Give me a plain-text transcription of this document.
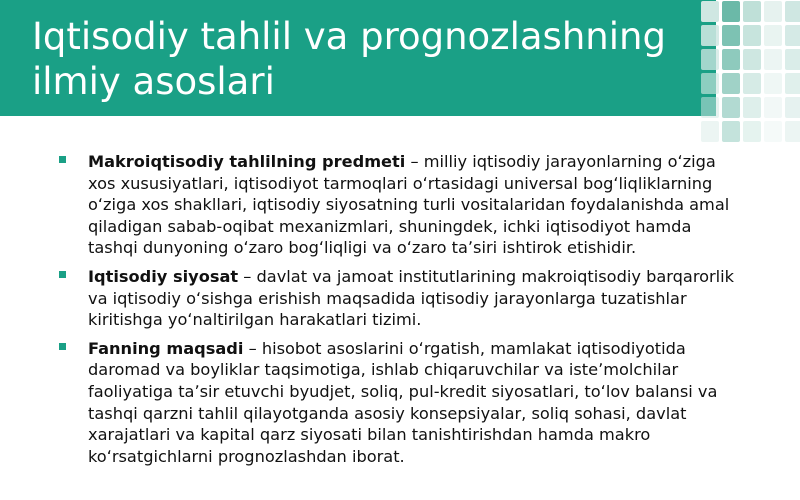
Iqtisodiy tahlil va prognozlashning ilmiy asoslari
Makroiqtisodiy tahlilning predmeti – milliy iqtisodiy jarayonlarning oʻziga xos xususiyatlari, iqtisodiyot tarmoqlari oʻrtasidagi universal bogʻliqliklarning oʻziga xos shakllari, iqtisodiy siyosatning turli vositalaridan foydalanishda amal qiladigan sabab-oqibat mexanizmlari, shuningdek, ichki iqtisodiyot hamda tashqi dunyoning oʻzaro bogʻliqligi va oʻzaro taʼsiri ishtirok etishidir.
Iqtisodiy siyosat – davlat va jamoat institutlarining makroiqtisodiy barqarorlik va iqtisodiy oʻsishga erishish maqsadida iqtisodiy jarayonlarga tuzatishlar kiritishga yoʻnaltirilgan harakatlari tizimi.
Fanning maqsadi – hisobot asoslarini oʻrgatish, mamlakat iqtisodiyotida daromad va boyliklar taqsimotiga, ishlab chiqaruvchilar va isteʼmolchilar faoliyatiga taʼsir etuvchi byudjet, soliq, pul-kredit siyosatlari, toʻlov balansi va tashqi qarzni tahlil qilayotganda asosiy konsepsiyalar, soliq sohasi, davlat xarajatlari va kapital qarz siyosati bilan tanishtirishdan hamda makro koʻrsatgichlarni prognozlashdan iborat.
